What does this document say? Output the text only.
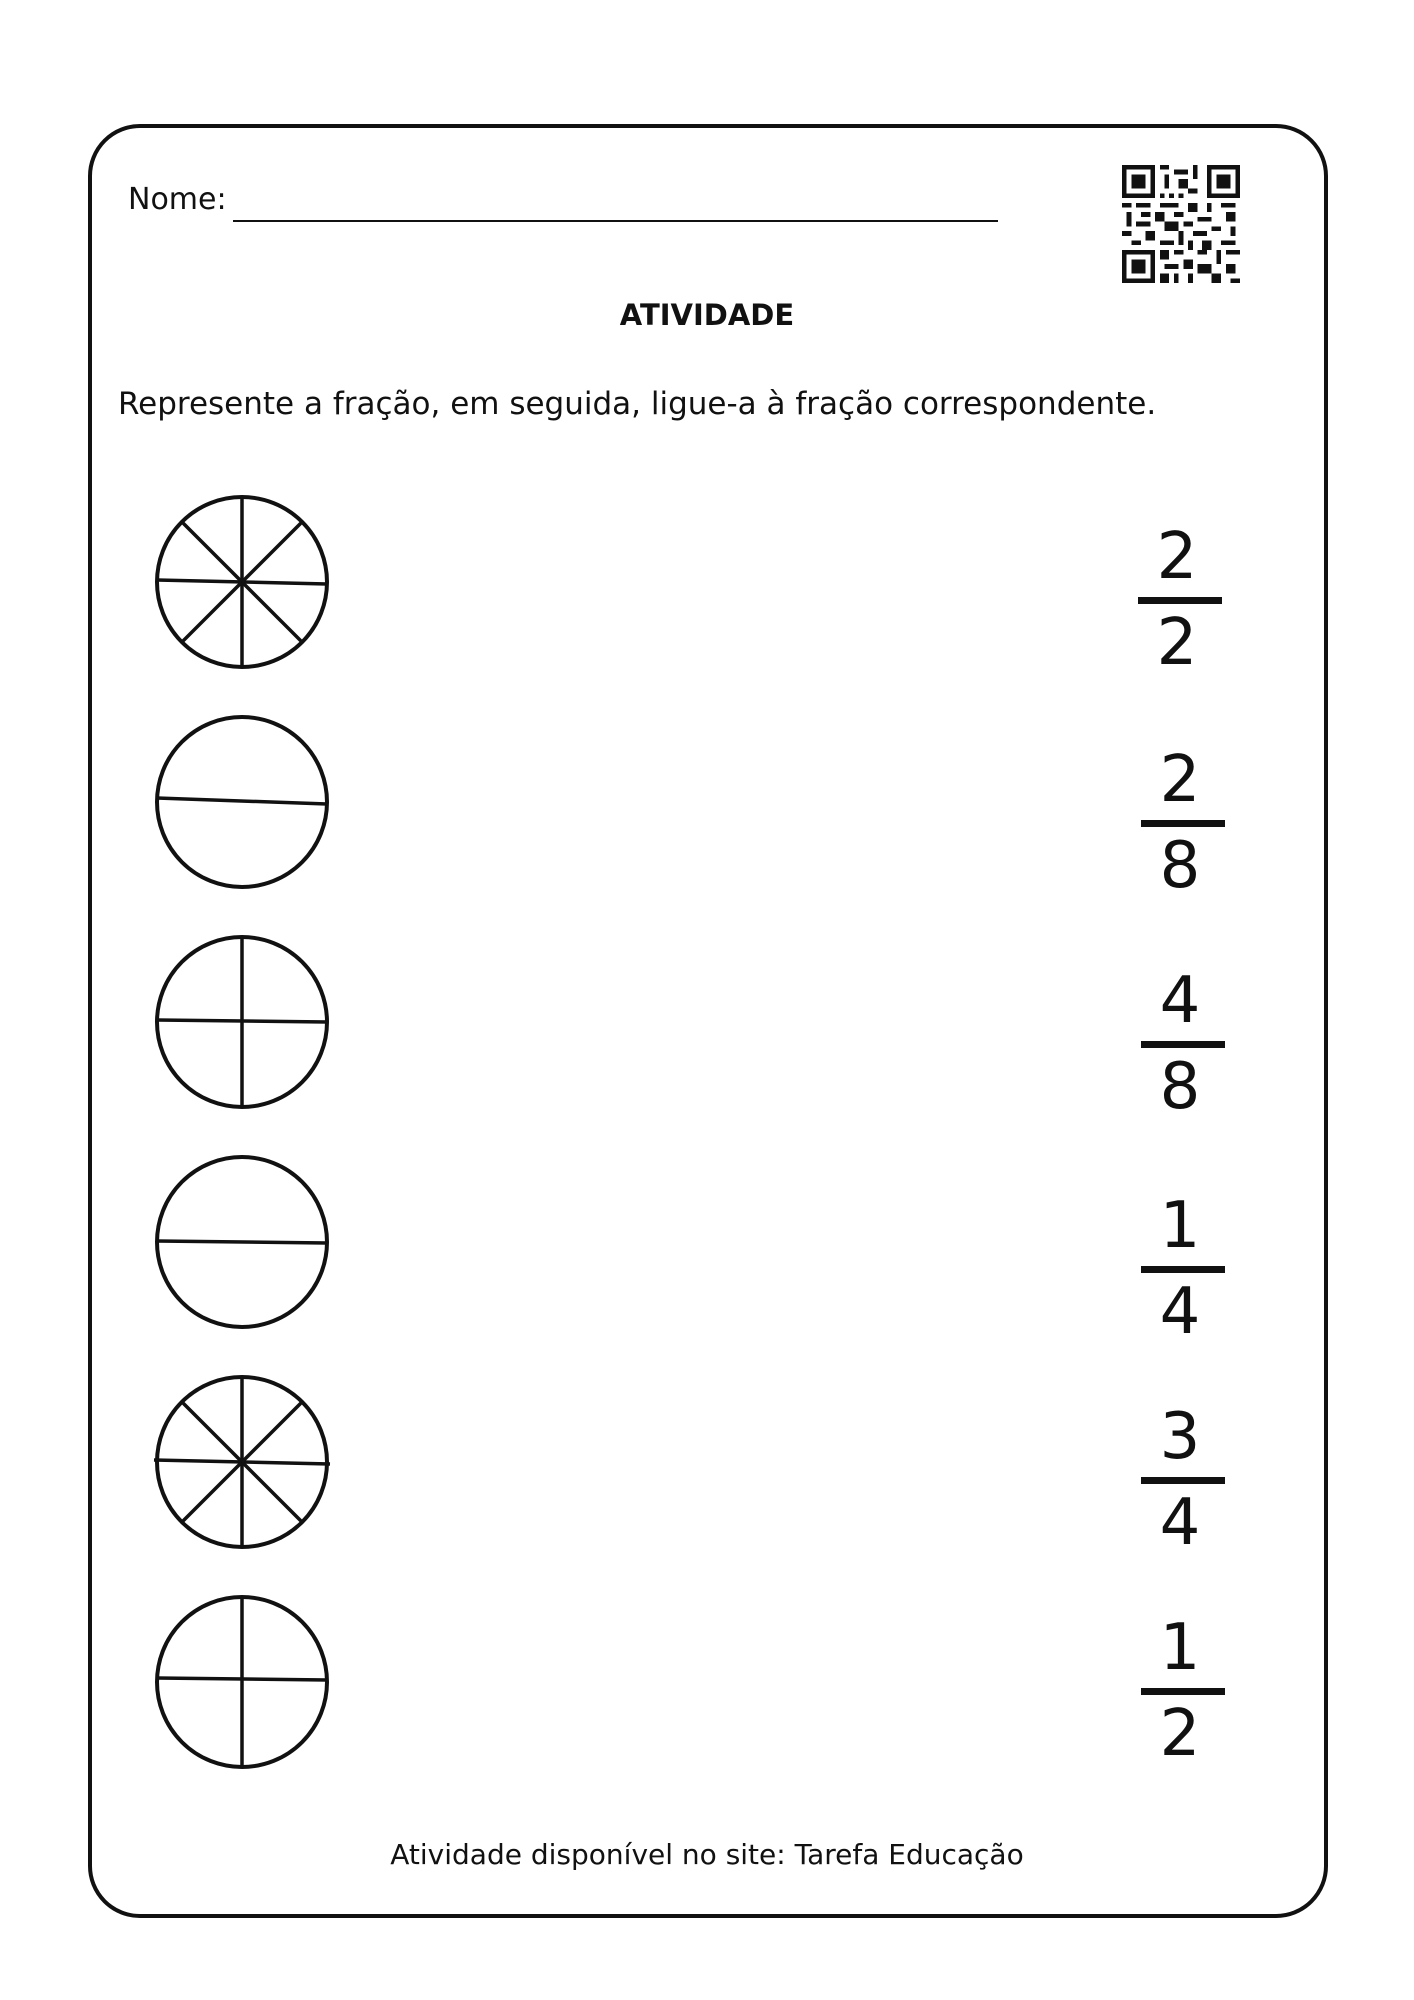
Nome:
ATIVIDADE
Represente a fração, em seguida, ligue-a à fração correspondente.
2
2
2
8
4
8
1
4
3
4
1
2
Atividade disponível no site: Tarefa Educação
